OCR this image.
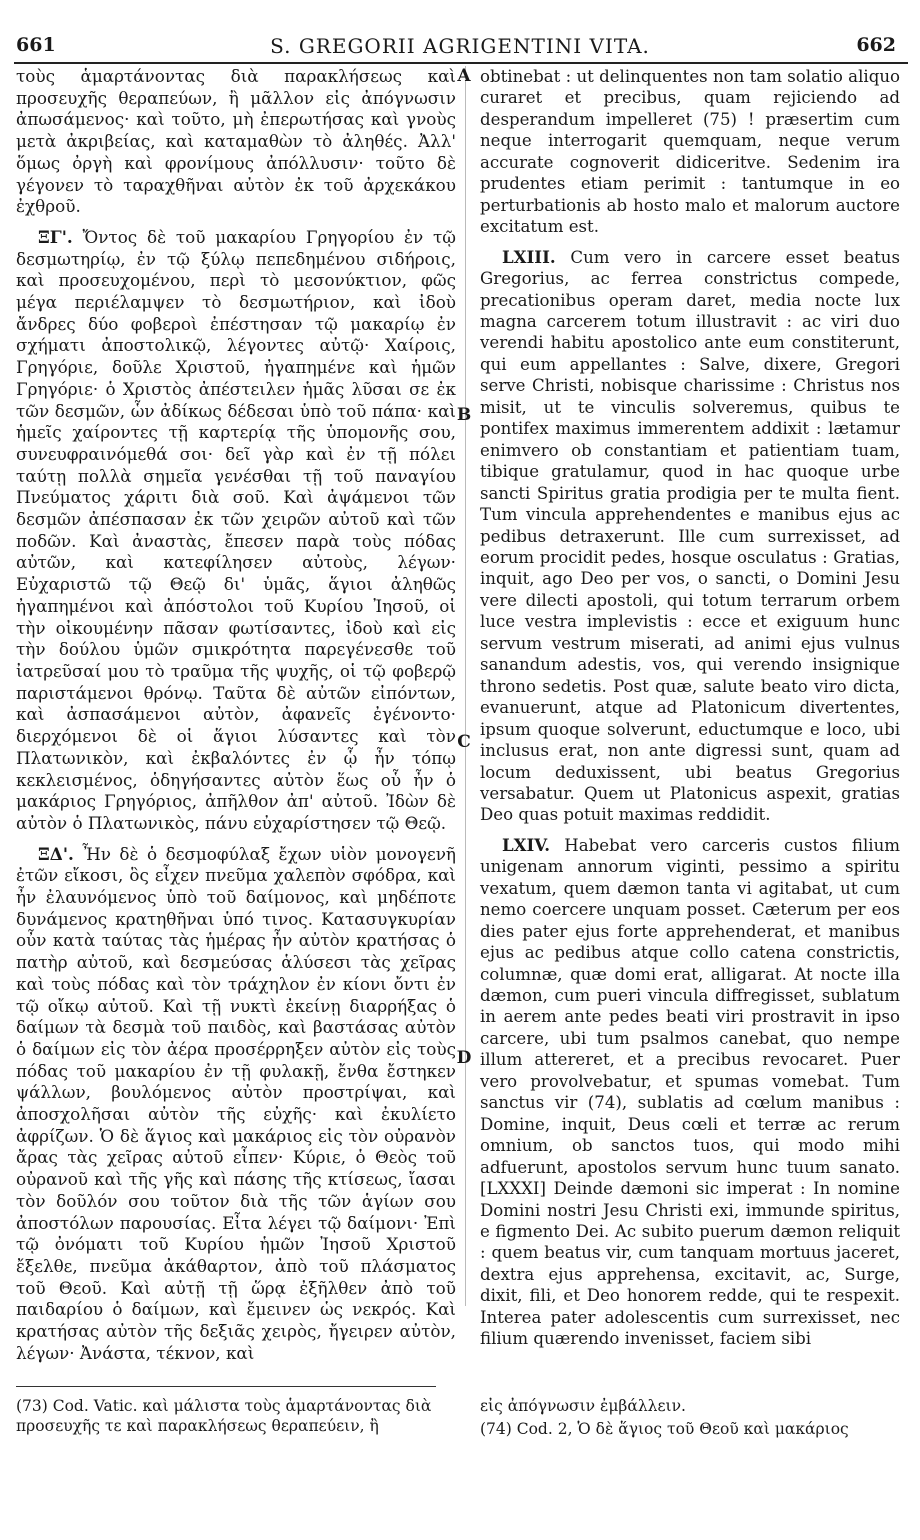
661	S. GREGORII AGRIGENTINI VITA.	662

τοὺς ἁμαρτάνοντας διὰ παρακλήσεως καὶ προσευχῆς θεραπεύων, ἢ μᾶλλον εἰς ἀπόγνωσιν ἀπωσάμενος· καὶ τοῦτο, μὴ ἐπερωτήσας καὶ γνοὺς μετὰ ἀκριβείας, καὶ καταμαθὼν τὸ ἀληθές. Ἀλλ' ὅμως ὀργὴ καὶ φρονίμους ἀπόλλυσιν· τοῦτο δὲ γέγονεν τὸ ταραχθῆναι αὐτὸν ἐκ τοῦ ἀρχεκάκου ἐχθροῦ.

ΞΓ'. Ὄντος δὲ τοῦ μακαρίου Γρηγορίου ἐν τῷ δεσμωτηρίῳ, ἐν τῷ ξύλῳ πεπεδημένου σιδήροις, καὶ προσευχομένου, περὶ τὸ μεσονύκτιον, φῶς μέγα περιέλαμψεν τὸ δεσμωτήριον, καὶ ἰδοὺ ἄνδρες δύο φοβεροὶ ἐπέστησαν τῷ μακαρίῳ ἐν σχήματι ἀποστολικῷ, λέγοντες αὐτῷ· Χαίροις, Γρηγόριε, δοῦλε Χριστοῦ, ἠγαπημένε καὶ ἡμῶν Γρηγόριε· ὁ Χριστὸς ἀπέστειλεν ἡμᾶς λῦσαι σε ἐκ τῶν δεσμῶν, ὧν ἀδίκως δέδεσαι ὑπὸ τοῦ πάπα· καὶ ἡμεῖς χαίροντες τῇ καρτερίᾳ τῆς ὑπομονῆς σου, συνευφραινόμεθά σοι· δεῖ γὰρ καὶ ἐν τῇ πόλει ταύτῃ πολλὰ σημεῖα γενέσθαι τῇ τοῦ παναγίου Πνεύματος χάριτι διὰ σοῦ. Καὶ ἀψάμενοι τῶν δεσμῶν ἀπέσπασαν ἐκ τῶν χειρῶν αὐτοῦ καὶ τῶν ποδῶν. Καὶ ἀναστὰς, ἔπεσεν παρὰ τοὺς πόδας αὐτῶν, καὶ κατεφίλησεν αὐτοὺς, λέγων· Εὐχαριστῶ τῷ Θεῷ δι' ὑμᾶς, ἅγιοι ἀληθῶς ἠγαπημένοι καὶ ἀπόστολοι τοῦ Κυρίου Ἰησοῦ, οἱ τὴν οἰκουμένην πᾶσαν φωτίσαντες, ἰδοὺ καὶ εἰς τὴν δούλου ὑμῶν σμικρότητα παρεγένεσθε τοῦ ἰατρεῦσαί μου τὸ τραῦμα τῆς ψυχῆς, οἱ τῷ φοβερῷ παριστάμενοι θρόνῳ. Ταῦτα δὲ αὐτῶν εἰπόντων, καὶ ἀσπασάμενοι αὐτὸν, ἀφανεῖς ἐγένοντο· διερχόμενοι δὲ οἱ ἅγιοι λύσαντες καὶ τὸν Πλατωνικὸν, καὶ ἐκβαλόντες ἐν ᾧ ἦν τόπῳ κεκλεισμένος, ὁδηγήσαντες αὐτὸν ἕως οὗ ἦν ὁ μακάριος Γρηγόριος, ἀπῆλθον ἀπ' αὐτοῦ. Ἰδὼν δὲ αὐτὸν ὁ Πλατωνικὸς, πάνυ εὐχαρίστησεν τῷ Θεῷ.

ΞΔ'. Ἦν δὲ ὁ δεσμοφύλαξ ἔχων υἱὸν μονογενῆ ἐτῶν εἴκοσι, ὃς εἶχεν πνεῦμα χαλεπὸν σφόδρα, καὶ ἦν ἐλαυνόμενος ὑπὸ τοῦ δαίμονος, καὶ μηδέποτε δυνάμενος κρατηθῆναι ὑπό τινος. Κατασυγκυρίαν οὖν κατὰ ταύτας τὰς ἡμέρας ἦν αὐτὸν κρατήσας ὁ πατὴρ αὐτοῦ, καὶ δεσμεύσας ἁλύσεσι τὰς χεῖρας καὶ τοὺς πόδας καὶ τὸν τράχηλον ἐν κίονι ὄντι ἐν τῷ οἴκῳ αὐτοῦ. Καὶ τῇ νυκτὶ ἐκείνῃ διαρρήξας ὁ δαίμων τὰ δεσμὰ τοῦ παιδὸς, καὶ βαστάσας αὐτὸν ὁ δαίμων εἰς τὸν ἀέρα προσέρρηξεν αὐτὸν εἰς τοὺς πόδας τοῦ μακαρίου ἐν τῇ φυλακῇ, ἔνθα ἔστηκεν ψάλλων, βουλόμενος αὐτὸν προστρίψαι, καὶ ἀποσχολῆσαι αὐτὸν τῆς εὐχῆς· καὶ ἐκυλίετο ἀφρίζων. Ὁ δὲ ἅγιος καὶ μακάριος εἰς τὸν οὐρανὸν ἄρας τὰς χεῖρας αὐτοῦ εἶπεν· Κύριε, ὁ Θεὸς τοῦ οὐρανοῦ καὶ τῆς γῆς καὶ πάσης τῆς κτίσεως, ἴασαι τὸν δοῦλόν σου τοῦτον διὰ τῆς τῶν ἁγίων σου ἀποστόλων παρουσίας. Εἶτα λέγει τῷ δαίμονι· Ἐπὶ τῷ ὀνόματι τοῦ Κυρίου ἡμῶν Ἰησοῦ Χριστοῦ ἔξελθε, πνεῦμα ἀκάθαρτον, ἀπὸ τοῦ πλάσματος τοῦ Θεοῦ. Καὶ αὐτῇ τῇ ὥρᾳ ἐξῆλθεν ἀπὸ τοῦ παιδαρίου ὁ δαίμων, καὶ ἔμεινεν ὡς νεκρός. Καὶ κρατήσας αὐτὸν τῆς δεξιᾶς χειρὸς, ἤγειρεν αὐτὸν, λέγων· Ἀνάστα, τέκνον, καὶ

A
B
C
D

obtinebat : ut delinquentes non tam solatio aliquo curaret et precibus, quam rejiciendo ad desperandum impelleret (75) ! præsertim cum neque interrogarit quemquam, neque verum accurate cognoverit didiceritve. Sedenim ira prudentes etiam perimit : tantumque in eo perturbationis ab hosto malo et malorum auctore excitatum est.

LXIII. Cum vero in carcere esset beatus Gregorius, ac ferrea constrictus compede, precationibus operam daret, media nocte lux magna carcerem totum illustravit : ac viri duo verendi habitu apostolico ante eum constiterunt, qui eum appellantes : Salve, dixere, Gregori serve Christi, nobisque charissime : Christus nos misit, ut te vinculis solveremus, quibus te pontifex maximus immerentem addixit : lætamur enimvero ob constantiam et patientiam tuam, tibique gratulamur, quod in hac quoque urbe sancti Spiritus gratia prodigia per te multa fient. Tum vincula apprehendentes e manibus ejus ac pedibus detraxerunt. Ille cum surrexisset, ad eorum procidit pedes, hosque osculatus : Gratias, inquit, ago Deo per vos, o sancti, o Domini Jesu vere dilecti apostoli, qui totum terrarum orbem luce vestra implevistis : ecce et exiguum hunc servum vestrum miserati, ad animi ejus vulnus sanandum adestis, vos, qui verendo insignique throno sedetis. Post quæ, salute beato viro dicta, evanuerunt, atque ad Platonicum divertentes, ipsum quoque solverunt, eductumque e loco, ubi inclusus erat, non ante digressi sunt, quam ad locum deduxissent, ubi beatus Gregorius versabatur. Quem ut Platonicus aspexit, gratias Deo quas potuit maximas reddidit.

LXIV. Habebat vero carceris custos filium unigenam annorum viginti, pessimo a spiritu vexatum, quem dæmon tanta vi agitabat, ut cum nemo coercere unquam posset. Cæterum per eos dies pater ejus forte apprehenderat, et manibus ejus ac pedibus atque collo catena constrictis, columnæ, quæ domi erat, alligarat. At nocte illa dæmon, cum pueri vincula diffregisset, sublatum in aerem ante pedes beati viri prostravit in ipso carcere, ubi tum psalmos canebat, quo nempe illum attereret, et a precibus revocaret. Puer vero provolvebatur, et spumas vomebat. Tum sanctus vir (74), sublatis ad cœlum manibus : Domine, inquit, Deus cœli et terræ ac rerum omnium, ob sanctos tuos, qui modo mihi adfuerunt, apostolos servum hunc tuum sanato. [LXXXI] Deinde dæmoni sic imperat : In nomine Domini nostri Jesu Christi exi, immunde spiritus, e figmento Dei. Ac subito puerum dæmon reliquit : quem beatus vir, cum tanquam mortuus jaceret, dextra ejus apprehensa, excitavit, ac, Surge, dixit, fili, et Deo honorem redde, qui te respexit. Interea pater adolescentis cum surrexisset, nec filium quærendo invenisset, faciem sibi

(73) Cod. Vatic. καὶ μάλιστα τοὺς ἁμαρτάνοντας διὰ προσευχῆς τε καὶ παρακλήσεως θεραπεύειν, ἢ

εἰς ἀπόγνωσιν ἐμβάλλειν.

(74) Cod. 2, Ὁ δὲ ἅγιος τοῦ Θεοῦ καὶ μακάριος
